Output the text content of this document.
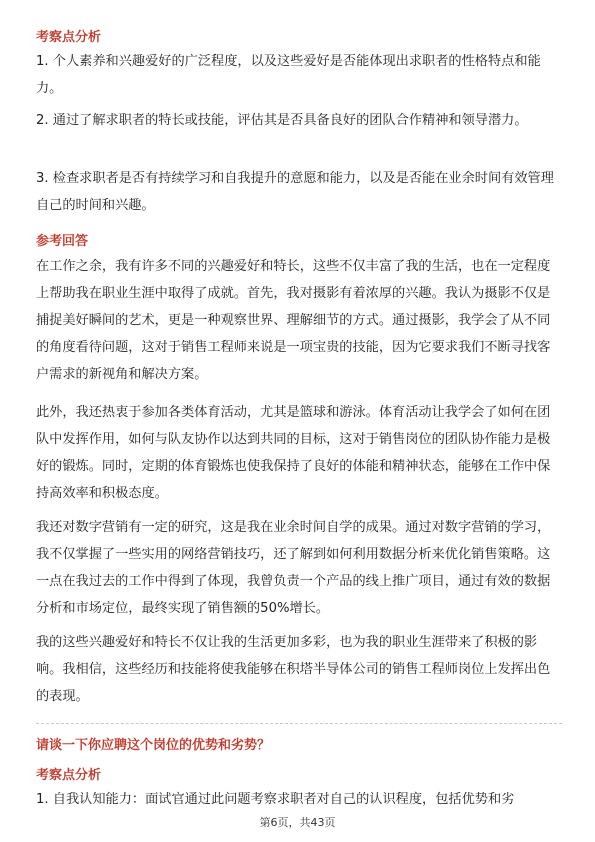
考察点分析
1. 个人素养和兴趣爱好的广泛程度，以及这些爱好是否能体现出求职者的性格特点和能力。
2. 通过了解求职者的特长或技能，评估其是否具备良好的团队合作精神和领导潜力。
3. 检查求职者是否有持续学习和自我提升的意愿和能力，以及是否能在业余时间有效管理自己的时间和兴趣。
参考回答
在工作之余，我有许多不同的兴趣爱好和特长，这些不仅丰富了我的生活，也在一定程度上帮助我在职业生涯中取得了成就。首先，我对摄影有着浓厚的兴趣。我认为摄影不仅是捕捉美好瞬间的艺术，更是一种观察世界、理解细节的方式。通过摄影，我学会了从不同的角度看待问题，这对于销售工程师来说是一项宝贵的技能，因为它要求我们不断寻找客户需求的新视角和解决方案。
此外，我还热衷于参加各类体育活动，尤其是篮球和游泳。体育活动让我学会了如何在团队中发挥作用，如何与队友协作以达到共同的目标，这对于销售岗位的团队协作能力是极好的锻炼。同时，定期的体育锻炼也使我保持了良好的体能和精神状态，能够在工作中保持高效率和积极态度。
我还对数字营销有一定的研究，这是我在业余时间自学的成果。通过对数字营销的学习，我不仅掌握了一些实用的网络营销技巧，还了解到如何利用数据分析来优化销售策略。这一点在我过去的工作中得到了体现，我曾负责一个产品的线上推广项目，通过有效的数据分析和市场定位，最终实现了销售额的50%增长。
我的这些兴趣爱好和特长不仅让我的生活更加多彩，也为我的职业生涯带来了积极的影响。我相信，这些经历和技能将使我能够在积塔半导体公司的销售工程师岗位上发挥出色的表现。
请谈一下你应聘这个岗位的优势和劣势？
考察点分析
1. 自我认知能力：面试官通过此问题考察求职者对自己的认识程度，包括优势和劣
第6页，共43页
